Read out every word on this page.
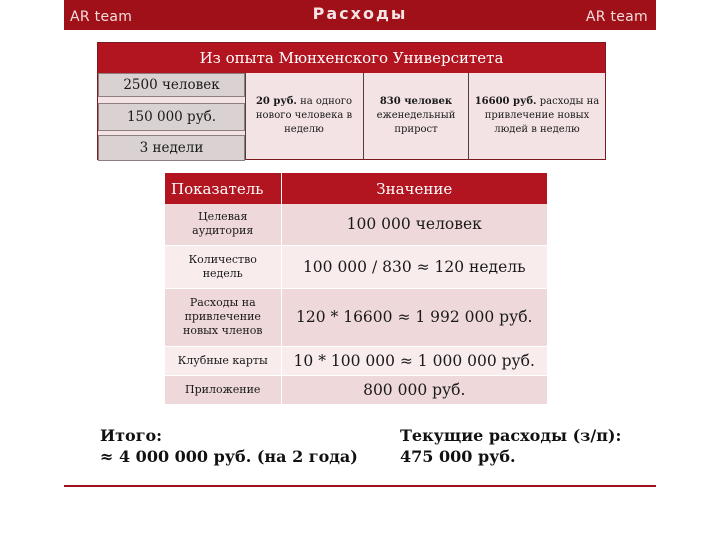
AR team	Расходы	AR team
Из опыта Мюнхенского Университета
2500 человек
150 000 руб.
3 недели
20 руб. на одного нового человека в неделю
830 человек еженедельный прирост
16600 руб. расходы на привлечение новых людей в неделю
Показатель	Значение
Целевая аудитория	100 000 человек
Количество недель	100 000 / 830 ≈ 120 недель
Расходы на привлечение новых членов	120 * 16600 ≈ 1 992 000 руб.
Клубные карты	10 * 100 000 ≈ 1 000 000 руб.
Приложение	800 000 руб.
Итого:
≈ 4 000 000 руб. (на 2 года)
Текущие расходы (з/п):
475 000 руб.
